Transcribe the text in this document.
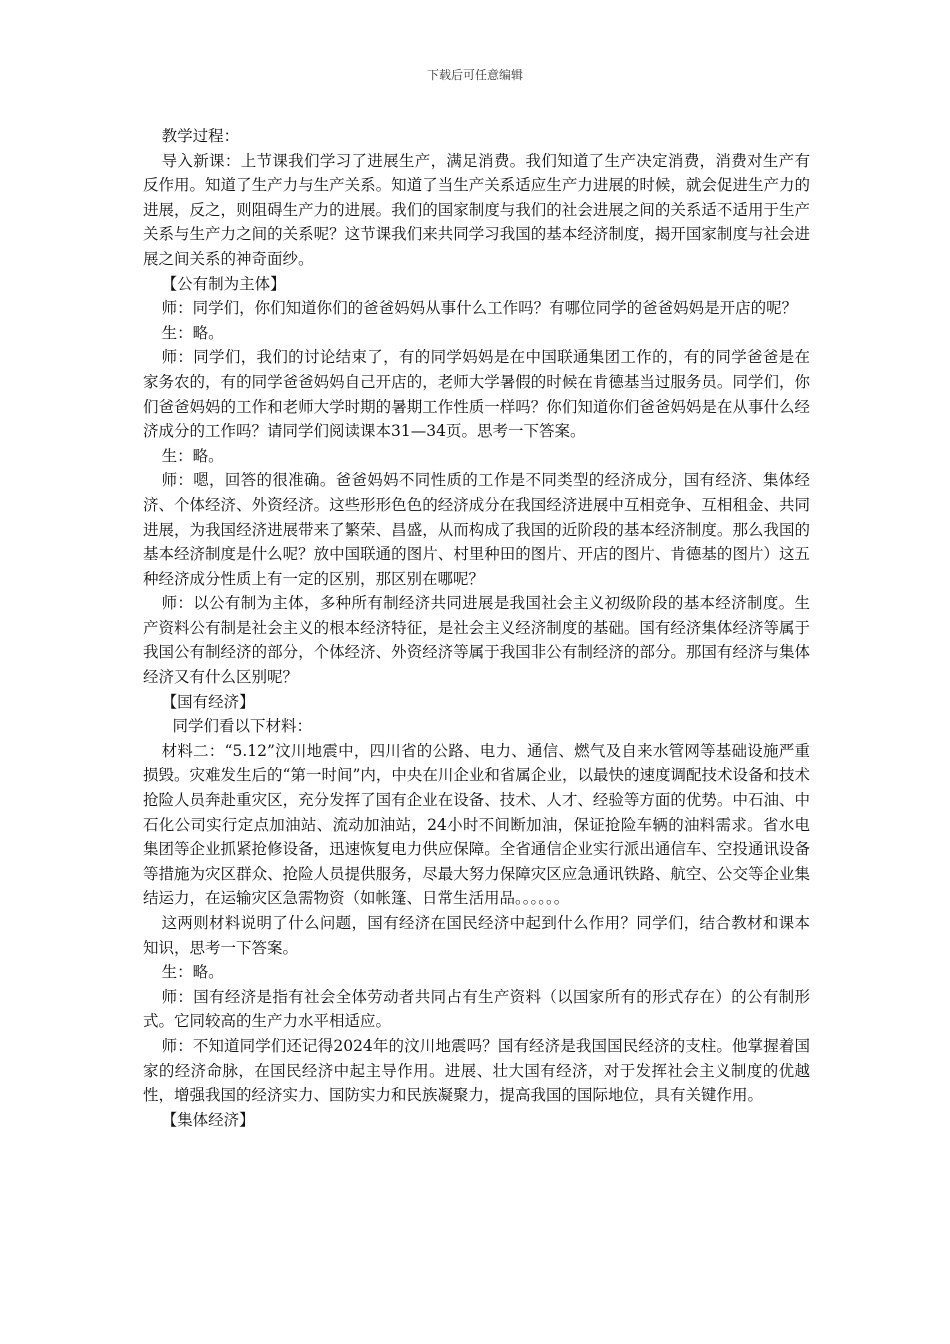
下载后可任意编辑

教学过程：

导入新课：上节课我们学习了进展生产，满足消费。我们知道了生产决定消费，消费对生产有反作用。知道了生产力与生产关系。知道了当生产关系适应生产力进展的时候，就会促进生产力的进展，反之，则阻碍生产力的进展。我们的国家制度与我们的社会进展之间的关系适不适用于生产关系与生产力之间的关系呢？这节课我们来共同学习我国的基本经济制度，揭开国家制度与社会进展之间关系的神奇面纱。

【公有制为主体】

师：同学们，你们知道你们的爸爸妈妈从事什么工作吗？有哪位同学的爸爸妈妈是开店的呢？

生：略。

师：同学们，我们的讨论结束了，有的同学妈妈是在中国联通集团工作的，有的同学爸爸是在家务农的，有的同学爸爸妈妈自己开店的，老师大学暑假的时候在肯德基当过服务员。同学们，你们爸爸妈妈的工作和老师大学时期的暑期工作性质一样吗？你们知道你们爸爸妈妈是在从事什么经济成分的工作吗？请同学们阅读课本31—34页。思考一下答案。

生：略。

师：嗯，回答的很准确。爸爸妈妈不同性质的工作是不同类型的经济成分，国有经济、集体经济、个体经济、外资经济。这些形形色色的经济成分在我国经济进展中互相竞争、互相租金、共同进展，为我国经济进展带来了繁荣、昌盛，从而构成了我国的近阶段的基本经济制度。那么我国的基本经济制度是什么呢？放中国联通的图片、村里种田的图片、开店的图片、肯德基的图片）这五种经济成分性质上有一定的区别，那区别在哪呢？

师：以公有制为主体，多种所有制经济共同进展是我国社会主义初级阶段的基本经济制度。生产资料公有制是社会主义的根本经济特征，是社会主义经济制度的基础。国有经济集体经济等属于我国公有制经济的部分，个体经济、外资经济等属于我国非公有制经济的部分。那国有经济与集体经济又有什么区别呢？

【国有经济】

同学们看以下材料：

材料二：“5.12”汶川地震中，四川省的公路、电力、通信、燃气及自来水管网等基础设施严重损毁。灾难发生后的“第一时间”内，中央在川企业和省属企业，以最快的速度调配技术设备和技术抢险人员奔赴重灾区，充分发挥了国有企业在设备、技术、人才、经验等方面的优势。中石油、中石化公司实行定点加油站、流动加油站，24小时不间断加油，保证抢险车辆的油料需求。省水电集团等企业抓紧抢修设备，迅速恢复电力供应保障。全省通信企业实行派出通信车、空投通讯设备等措施为灾区群众、抢险人员提供服务，尽最大努力保障灾区应急通讯铁路、航空、公交等企业集结运力，在运输灾区急需物资（如帐篷、日常生活用品。。。。。。

这两则材料说明了什么问题，国有经济在国民经济中起到什么作用？同学们，结合教材和课本知识，思考一下答案。

生：略。

师：国有经济是指有社会全体劳动者共同占有生产资料（以国家所有的形式存在）的公有制形式。它同较高的生产力水平相适应。

师：不知道同学们还记得2024年的汶川地震吗？国有经济是我国国民经济的支柱。他掌握着国家的经济命脉，在国民经济中起主导作用。进展、壮大国有经济，对于发挥社会主义制度的优越性，增强我国的经济实力、国防实力和民族凝聚力，提高我国的国际地位，具有关键作用。

【集体经济】
